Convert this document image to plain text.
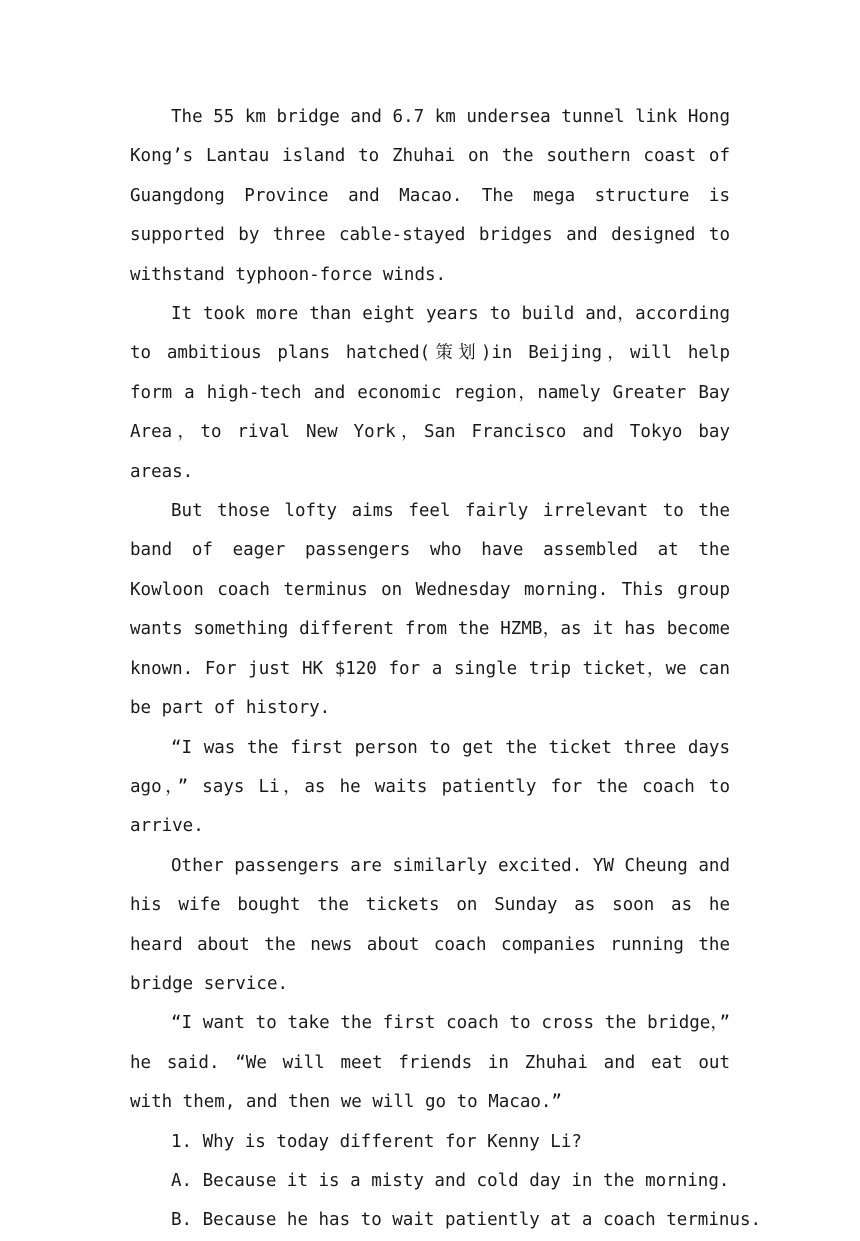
The 55 km bridge and 6.7 km undersea tunnel link Hong Kong’s Lantau island to Zhuhai on the southern coast of Guangdong Province and Macao. The mega structure is supported by three cable-stayed bridges and designed to withstand typhoon-force winds.

It took more than eight years to build and，according to ambitious plans hatched(策划)in Beijing，will help form a high-tech and economic region，namely Greater Bay Area，to rival New York，San Francisco and Tokyo bay areas.

But those lofty aims feel fairly irrelevant to the band of eager passengers who have assembled at the Kowloon coach terminus on Wednesday morning. This group wants something different from the HZMB，as it has become known. For just HK $120 for a single trip ticket，we can be part of history.

“I was the first person to get the ticket three days ago，” says Li，as he waits patiently for the coach to arrive.

Other passengers are similarly excited. YW Cheung and his wife bought the tickets on Sunday as soon as he heard about the news about coach companies running the bridge service.

“I want to take the first coach to cross the bridge，” he said. “We will meet friends in Zhuhai and eat out with them, and then we will go to Macao.”

1. Why is today different for Kenny Li?

A. Because it is a misty and cold day in the morning.

B. Because he has to wait patiently at a coach terminus.
